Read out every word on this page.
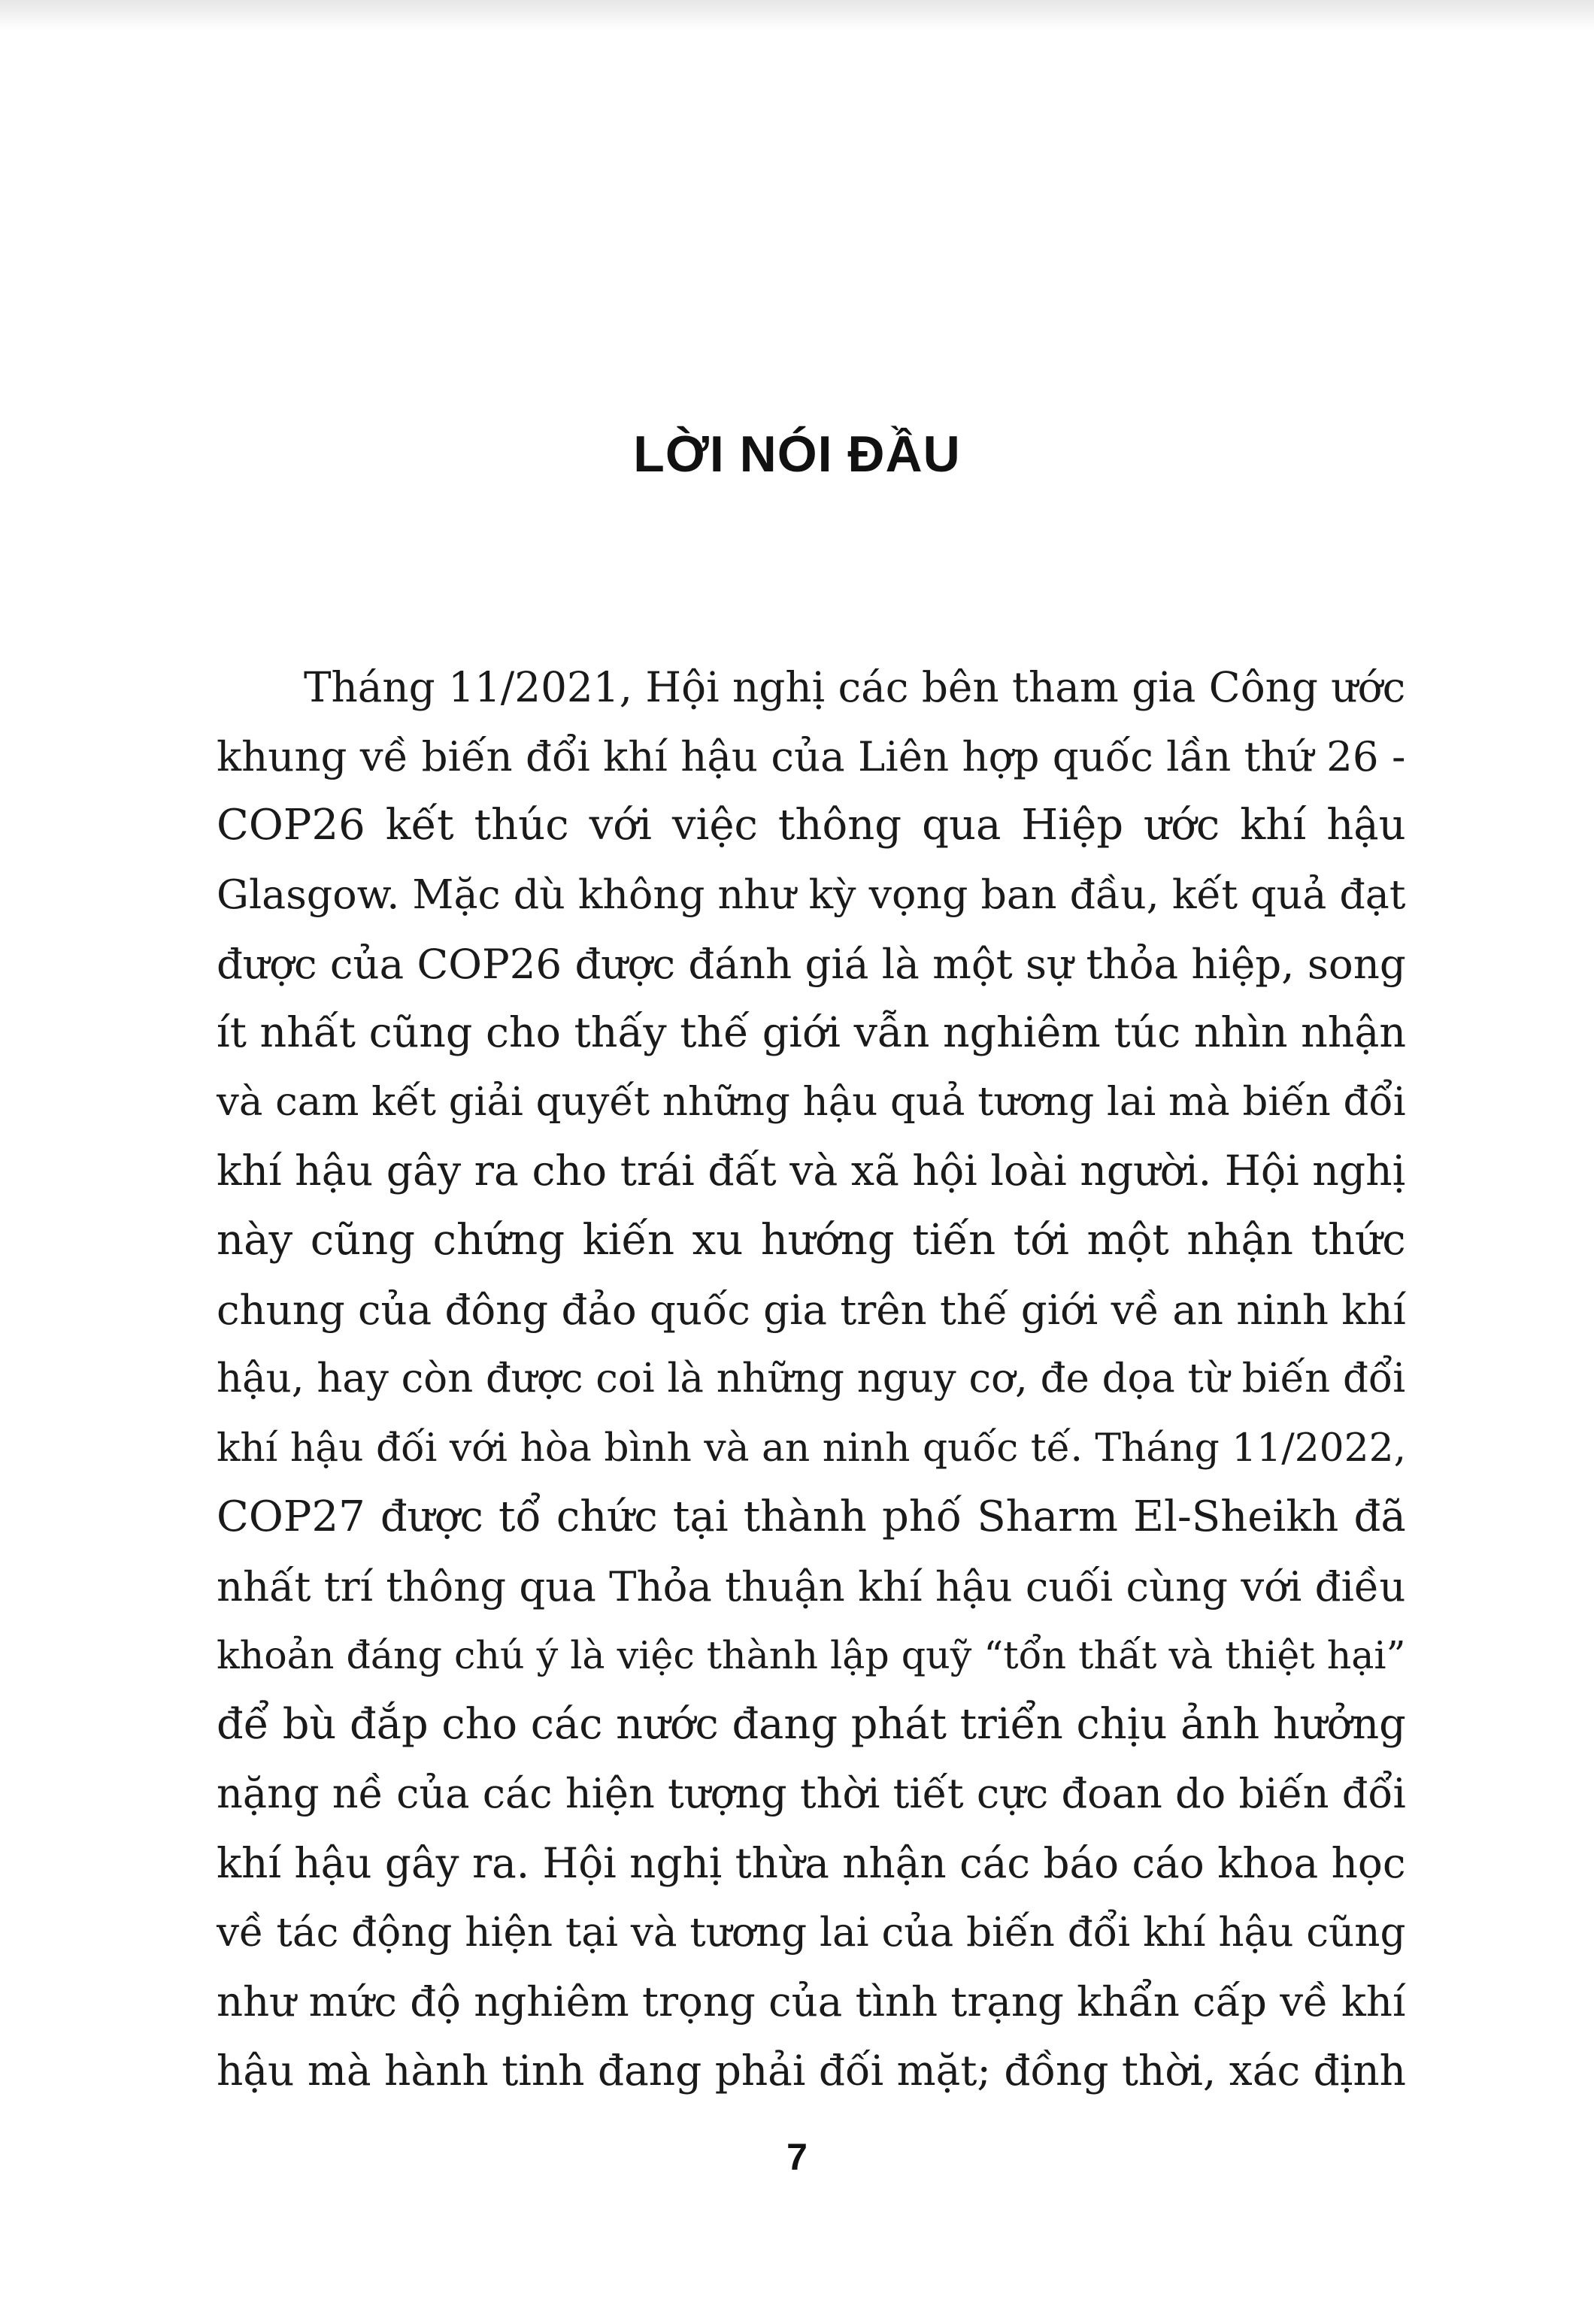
LỜI NÓI ĐẦU
Tháng 11/2021, Hội nghị các bên tham gia Công ước
khung về biến đổi khí hậu của Liên hợp quốc lần thứ 26 -
COP26 kết thúc với việc thông qua Hiệp ước khí hậu
Glasgow. Mặc dù không như kỳ vọng ban đầu, kết quả đạt
được của COP26 được đánh giá là một sự thỏa hiệp, song
ít nhất cũng cho thấy thế giới vẫn nghiêm túc nhìn nhận
và cam kết giải quyết những hậu quả tương lai mà biến đổi
khí hậu gây ra cho trái đất và xã hội loài người. Hội nghị
này cũng chứng kiến xu hướng tiến tới một nhận thức
chung của đông đảo quốc gia trên thế giới về an ninh khí
hậu, hay còn được coi là những nguy cơ, đe dọa từ biến đổi
khí hậu đối với hòa bình và an ninh quốc tế. Tháng 11/2022,
COP27 được tổ chức tại thành phố Sharm El-Sheikh đã
nhất trí thông qua Thỏa thuận khí hậu cuối cùng với điều
khoản đáng chú ý là việc thành lập quỹ “tổn thất và thiệt hại”
để bù đắp cho các nước đang phát triển chịu ảnh hưởng
nặng nề của các hiện tượng thời tiết cực đoan do biến đổi
khí hậu gây ra. Hội nghị thừa nhận các báo cáo khoa học
về tác động hiện tại và tương lai của biến đổi khí hậu cũng
như mức độ nghiêm trọng của tình trạng khẩn cấp về khí
hậu mà hành tinh đang phải đối mặt; đồng thời, xác định
7
